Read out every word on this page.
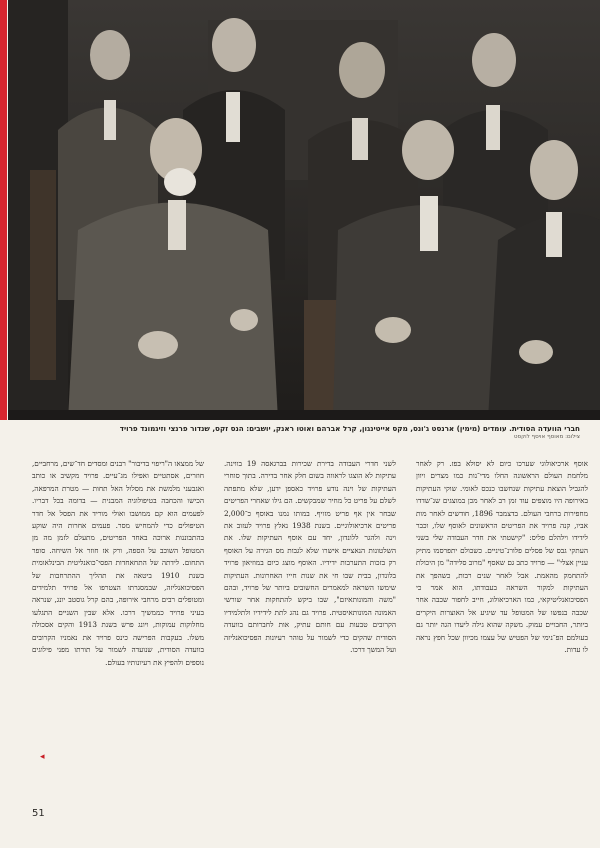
חברי הוועדה הסודית. עומדים (מימין) ארנסט ג'ונס, מקס אייטינגון, קרל אברהם ואוטו ראנק, יושבים: הנס זקס, שנדור פרנצי וזיגמונד פרויד
צילום: מאוסף אויסף לוקסט

אוסף ארכיאולוגי שערכו כיום לא יסולא בפז. רק לאחר מלחמת העולם הראשונה החלו מדי־נות כמו מצרים ויוון להגביל הוצאת עתיקות שנחשבו כנכס לאומי. שוקי העתיקות באירופה היו מוצפים עוד זמן רב לאחר מכן במוצגים שנ־שדדו מחפירות ברחבי העולם. בדצמבר 1896, חודשים לאחר מות אביו, קנה פרויד את הפריטים הראשונים לאוסף שלו, וכבר לידידו וילהלם פליס: "קישטתי את חדר העבודה שלי בשני העתקי גבס של פסלים פלורנ־טיניים. כשכולם יתפרסמו מתיק עניין אצלי" — פרויד כתב גם שאסף "מרוב סלידה" מן היכולת להתחמק מהאמת. אבל לאחר שנים רבות, כשהפך את העתיקות למקור השראה בעבודתו, הוא אמר כי הפסיכואנליטיקאי, כמו הארכיאולוג, חייב לחפור שכבה אחר שכבה בנפשו של המטופל עד שיגיע אל האוצרות היקרים ביותר, החבויים עמוק. משקה שהוא גילה ליעדו הגה יותר גם בעולמם הפ־נימי של הפטיש של עצמו מכיוון שכל חפץ נראה לו עדות.

לשני חדרי העבודה בדירת שכירות בברגאסה 19 בווינה. עתיקות לא הוצגו לראווה בשום חלק אחר בדירה. בתוך סוחרי העתיקות של וינה נודע פרויד כאספן ידען, שלא מתפתה לשלם על פריט כל מחיר שמבקשים. הם גילו שאחרי הפריטים שבחר אין אף פריט מזויף. במותו נמנו באוסף כ־2,000 פריטים ארכיאולוגיים. בשנת 1938 נאלץ פרויד לעזוב את וינה ולהגר ללונדון, יחד עם אוסף העתיקות שלו. את השלטונות הנאציים אישרו שלא לגבות מס הגירה על האוסף רק בזכות התערבות ידידיו. האוסף מוצג כיום במוזיאון פרויד בלונדון, בבית שבו חי את שנות חייו האחרונות. העתיקות שימשו השראה למאמרים החשובים ביותר של פרויד, ובהם "משה והמונותאיזם", שבו ביקש להתחקות אחר שורשי האמונה המונותאיסטית. פרויד גם נהג לתת לידידיו ולתלמידיו הקרובים טבעות עם חותם עתיק, אות לחברותם בוועדה הסודית שהקים כדי לשמור על טוהר רעיונות הפסיכואנליזה ועל המשך דרכו.

של ממצאו ה"ריפוי בדיבור" רבנים ומסדים חד־שים, מרחביים, חוזרים, אסתטיים ואפילו מג־עיים. פרויד מקשיב או כותב ואגבעני מלמשת את מסלול האל תחות — מטרת המרפאה, הכישו והכחבה בטיפולוגיה המבנית — בדומה בכל דבריו. לפעמים הוא קם ממושבו ואולי מוריד את הפסל אל חדר הטיפולים כדי להמחיש מסר. פעמים אחרות היה שוקע בהתבוננות ארוכה באחד הפריטים, מתעלם לזמן מה מן המטופל השוכב על הספה, ורק אז חוזר אל השיחה. סופר התחום. לידתה של התחאחדות הפסי־כואנליטית הבינלאומית בשנת 1910 ביטאה את תהליך ההתרחבות של הפסיכואנליזה, שבמסגרתו הצטרפו אל פרויד תלמידים ומטופלים רבים מרחבי אירופה, בהם קרל גוסטב יונג, שנראה בעיני פרויד כממשיך דרכו. אלא שבין השניים התגלעו מחלוקות עמוקות, ויונג פרש בשנת 1913 והקים אסכולה משלו. בעקבות הפרישה כינס פרויד את נאמניו הקרובים בוועדה הסודית, שנועדה לשמור על תורתו מפני פילוגים נוספים ולהפיץ את רעיונותיו בעולם.

◂
51
